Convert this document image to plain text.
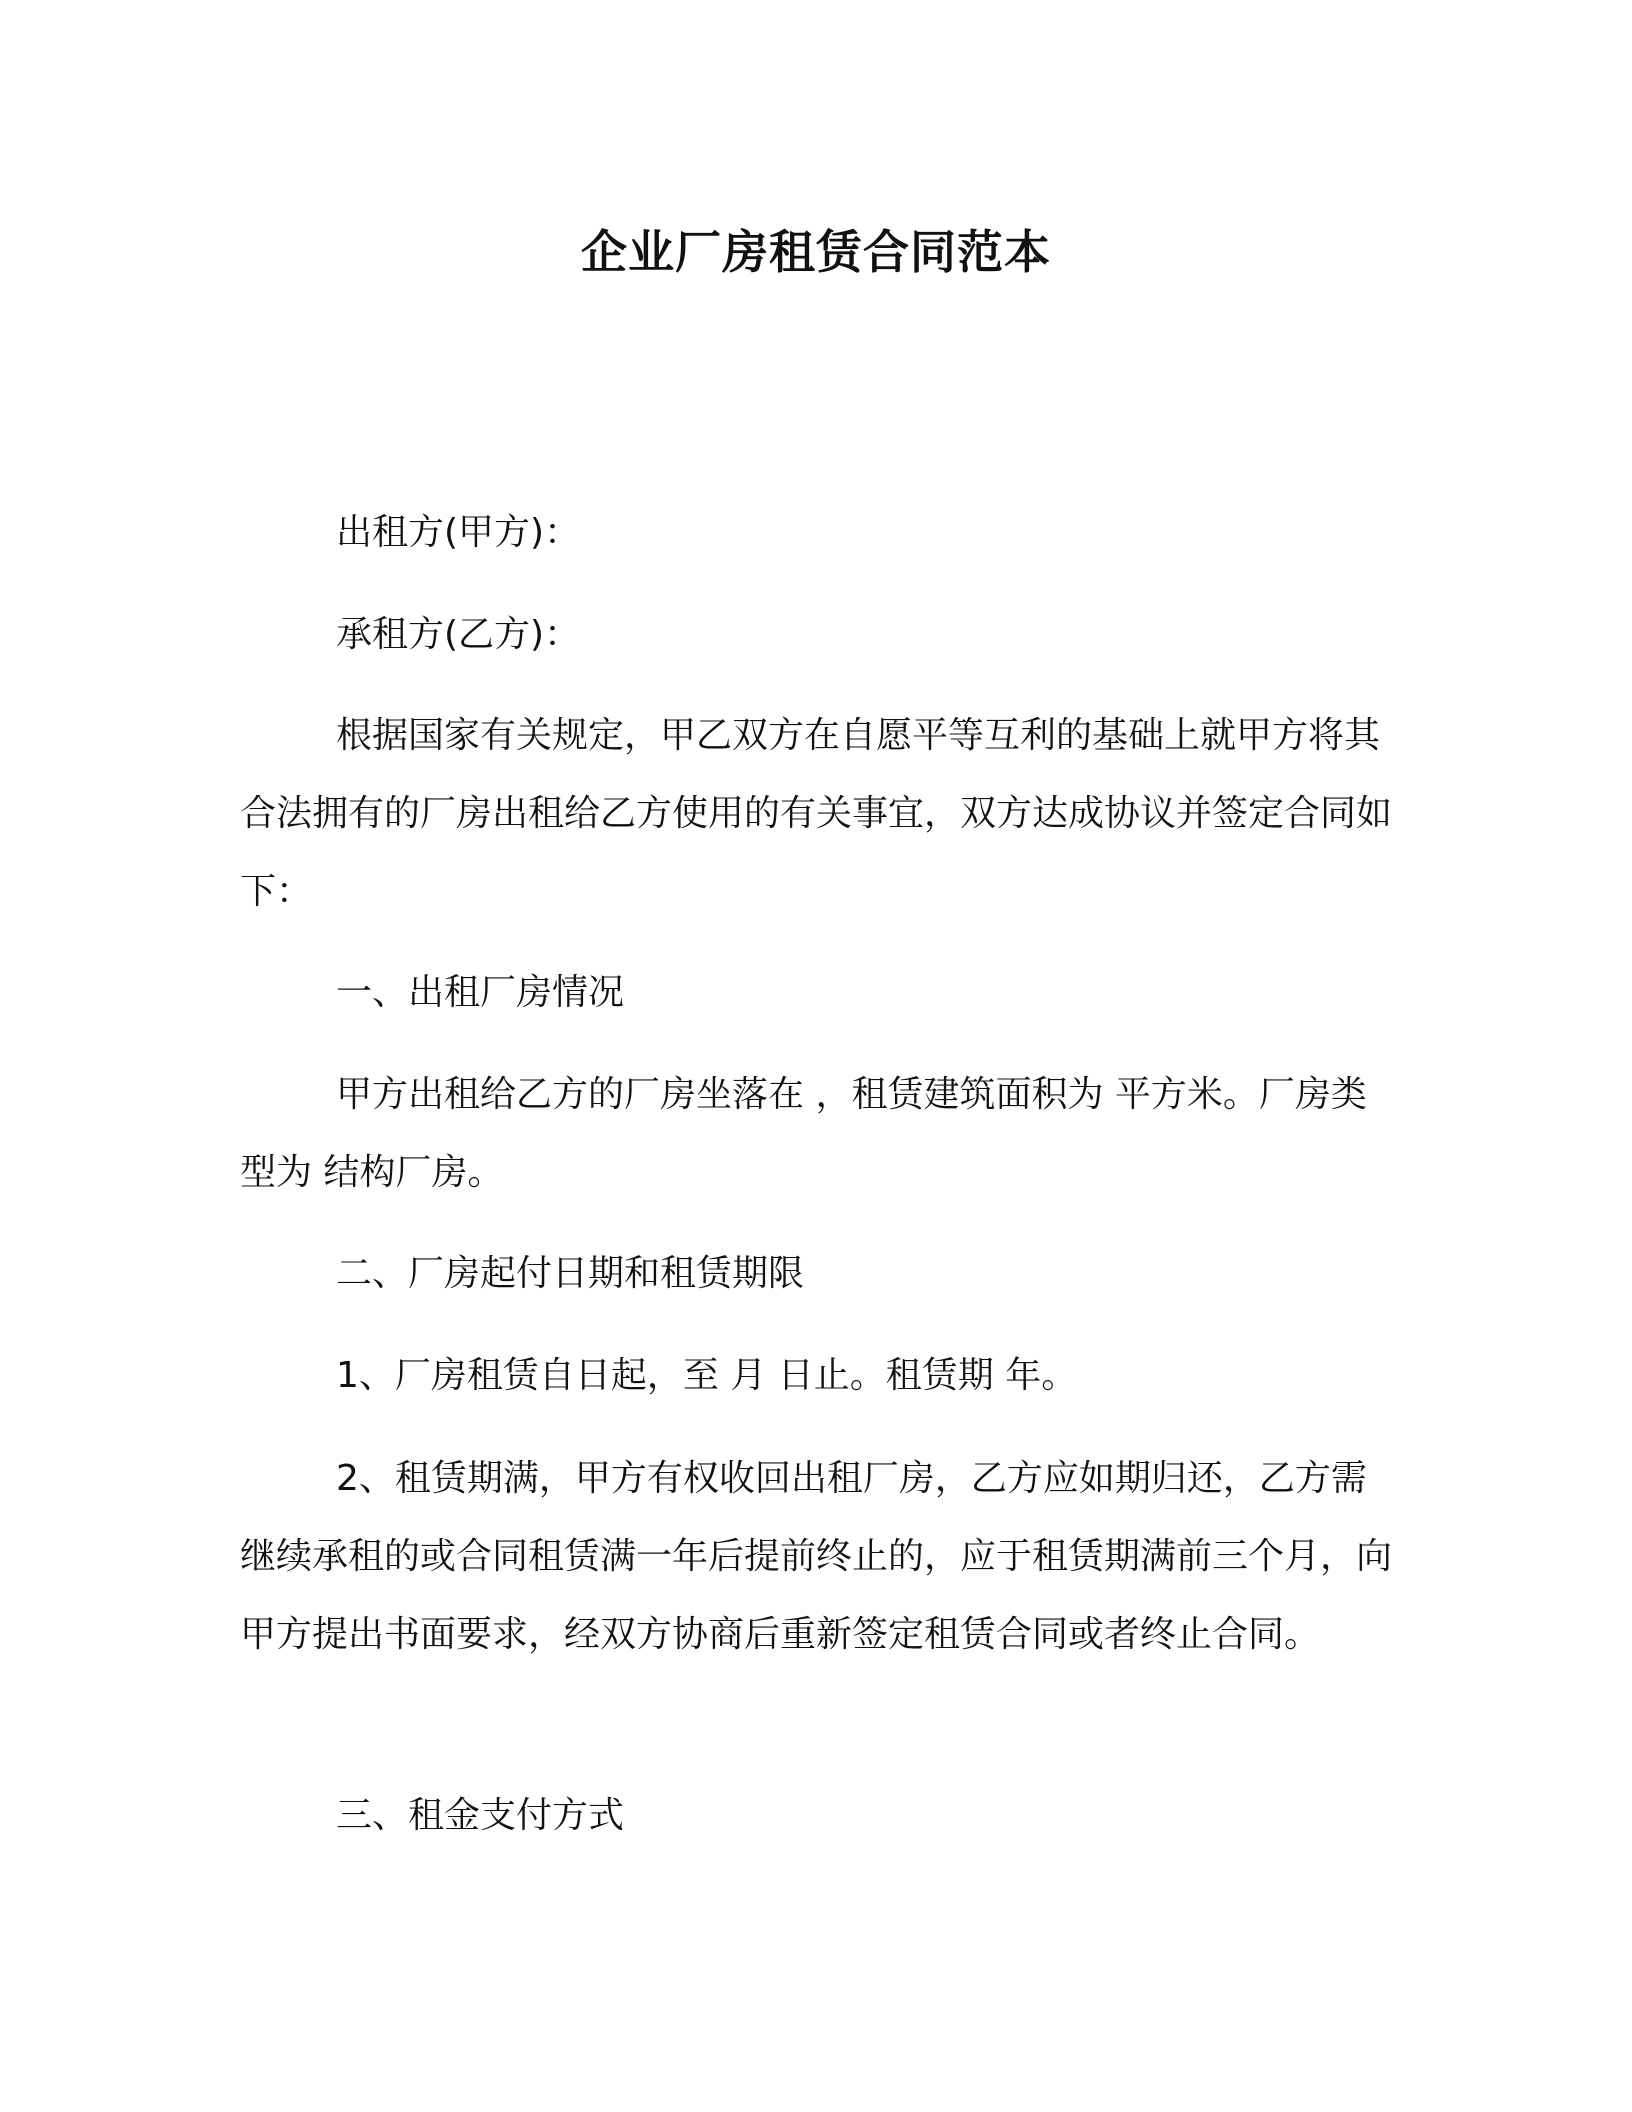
企业厂房租赁合同范本

出租方(甲方)：

承租方(乙方)：

根据国家有关规定，甲乙双方在自愿平等互利的基础上就甲方将其合法拥有的厂房出租给乙方使用的有关事宜，双方达成协议并签定合同如下：

一、出租厂房情况

甲方出租给乙方的厂房坐落在 ，租赁建筑面积为 平方米。厂房类型为 结构厂房。

二、厂房起付日期和租赁期限

1、厂房租赁自日起，至 月 日止。租赁期 年。

2、租赁期满，甲方有权收回出租厂房，乙方应如期归还，乙方需继续承租的或合同租赁满一年后提前终止的，应于租赁期满前三个月，向甲方提出书面要求，经双方协商后重新签定租赁合同或者终止合同。

三、租金支付方式
